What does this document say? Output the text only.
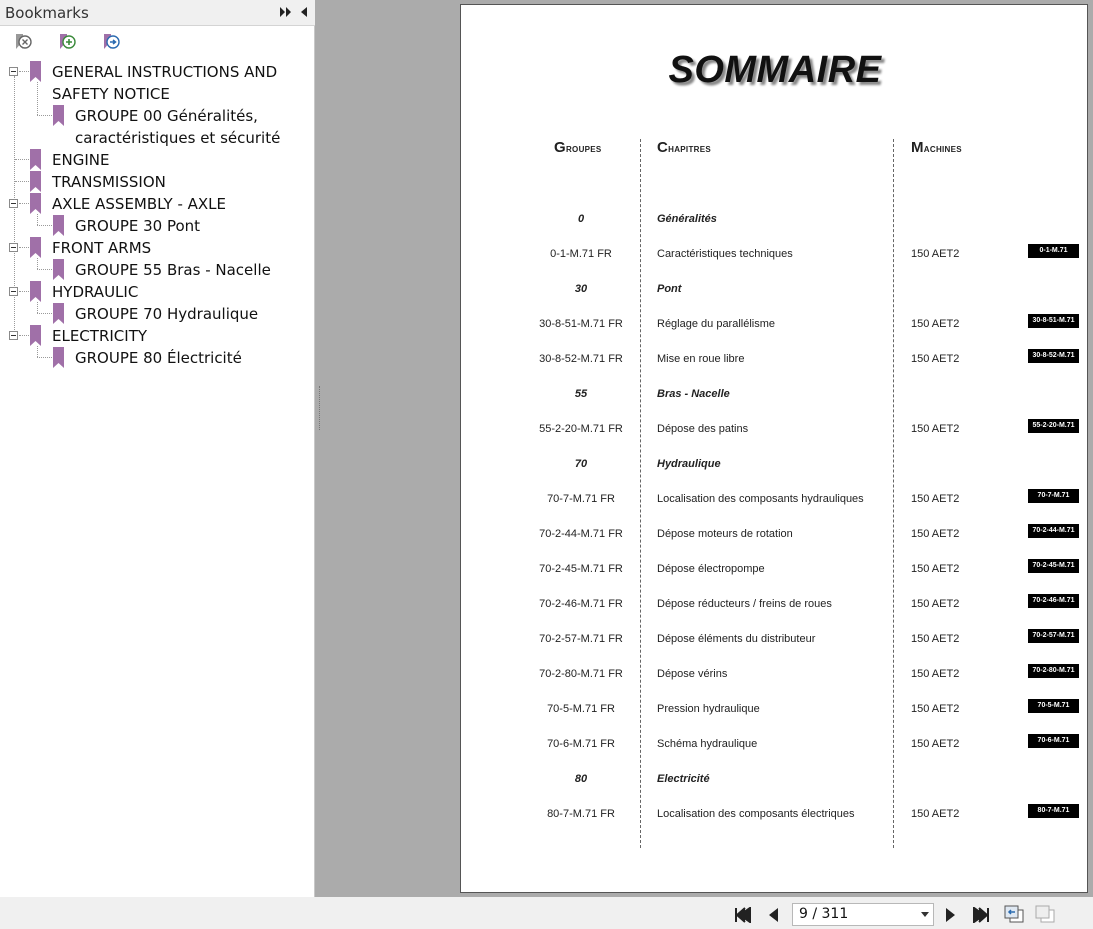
Bookmarks
GENERAL INSTRUCTIONS AND
SAFETY NOTICE
GROUPE 00 Généralités,
caractéristiques et sécurité
ENGINE
TRANSMISSION
AXLE ASSEMBLY - AXLE
GROUPE 30 Pont
FRONT ARMS
GROUPE 55 Bras - Nacelle
HYDRAULIC
GROUPE 70 Hydraulique
ELECTRICITY
GROUPE 80 Électricité
SOMMAIRE
Groupes	Chapitres	Machines
0	Généralités
0-1-M.71 FR	Caractéristiques techniques	150 AET2	0-1-M.71
30	Pont
30-8-51-M.71 FR	Réglage du parallélisme	150 AET2	30-8-51-M.71
30-8-52-M.71 FR	Mise en roue libre	150 AET2	30-8-52-M.71
55	Bras - Nacelle
55-2-20-M.71 FR	Dépose des patins	150 AET2	55-2-20-M.71
70	Hydraulique
70-7-M.71 FR	Localisation des composants hydrauliques	150 AET2	70-7-M.71
70-2-44-M.71 FR	Dépose moteurs de rotation	150 AET2	70-2-44-M.71
70-2-45-M.71 FR	Dépose électropompe	150 AET2	70-2-45-M.71
70-2-46-M.71 FR	Dépose réducteurs / freins de roues	150 AET2	70-2-46-M.71
70-2-57-M.71 FR	Dépose éléments du distributeur	150 AET2	70-2-57-M.71
70-2-80-M.71 FR	Dépose vérins	150 AET2	70-2-80-M.71
70-5-M.71 FR	Pression hydraulique	150 AET2	70-5-M.71
70-6-M.71 FR	Schéma hydraulique	150 AET2	70-6-M.71
80	Electricité
80-7-M.71 FR	Localisation des composants électriques	150 AET2	80-7-M.71
9 / 311
